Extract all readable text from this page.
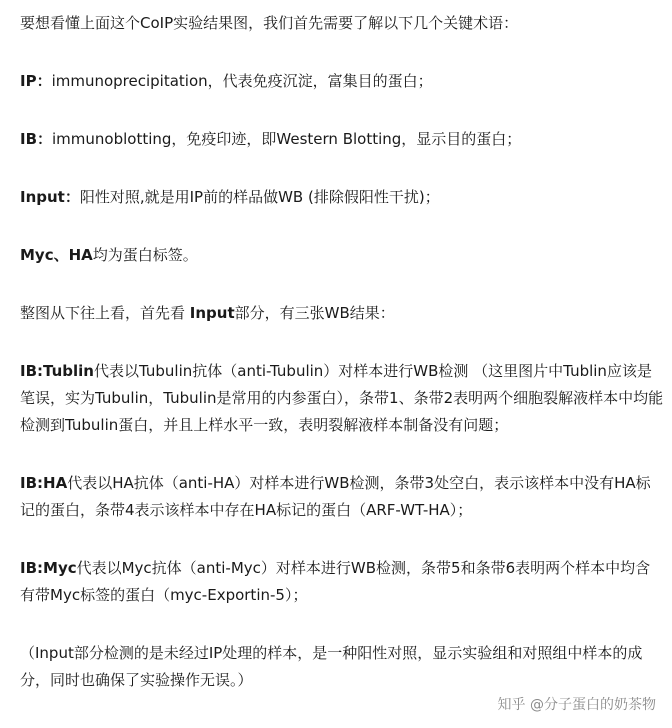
要想看懂上面这个CoIP实验结果图，我们首先需要了解以下几个关键术语：

IP：immunoprecipitation，代表免疫沉淀，富集目的蛋白；

IB：immunoblotting，免疫印迹，即Western Blotting，显示目的蛋白；

Input：阳性对照,就是用IP前的样品做WB (排除假阳性干扰)；

Myc、HA均为蛋白标签。

整图从下往上看，首先看 Input部分，有三张WB结果：

IB:Tublin代表以Tubulin抗体（anti-Tubulin）对样本进行WB检测 （这里图片中Tublin应该是笔误，实为Tubulin，Tubulin是常用的内参蛋白），条带1、条带2表明两个细胞裂解液样本中均能检测到Tubulin蛋白，并且上样水平一致，表明裂解液样本制备没有问题；

IB:HA代表以HA抗体（anti-HA）对样本进行WB检测，条带3处空白，表示该样本中没有HA标记的蛋白，条带4表示该样本中存在HA标记的蛋白（ARF-WT-HA）；

IB:Myc代表以Myc抗体（anti-Myc）对样本进行WB检测，条带5和条带6表明两个样本中均含有带Myc标签的蛋白（myc-Exportin-5）；

（Input部分检测的是未经过IP处理的样本，是一种阳性对照，显示实验组和对照组中样本的成分，同时也确保了实验操作无误。）

知乎 @分子蛋白的奶茶物
